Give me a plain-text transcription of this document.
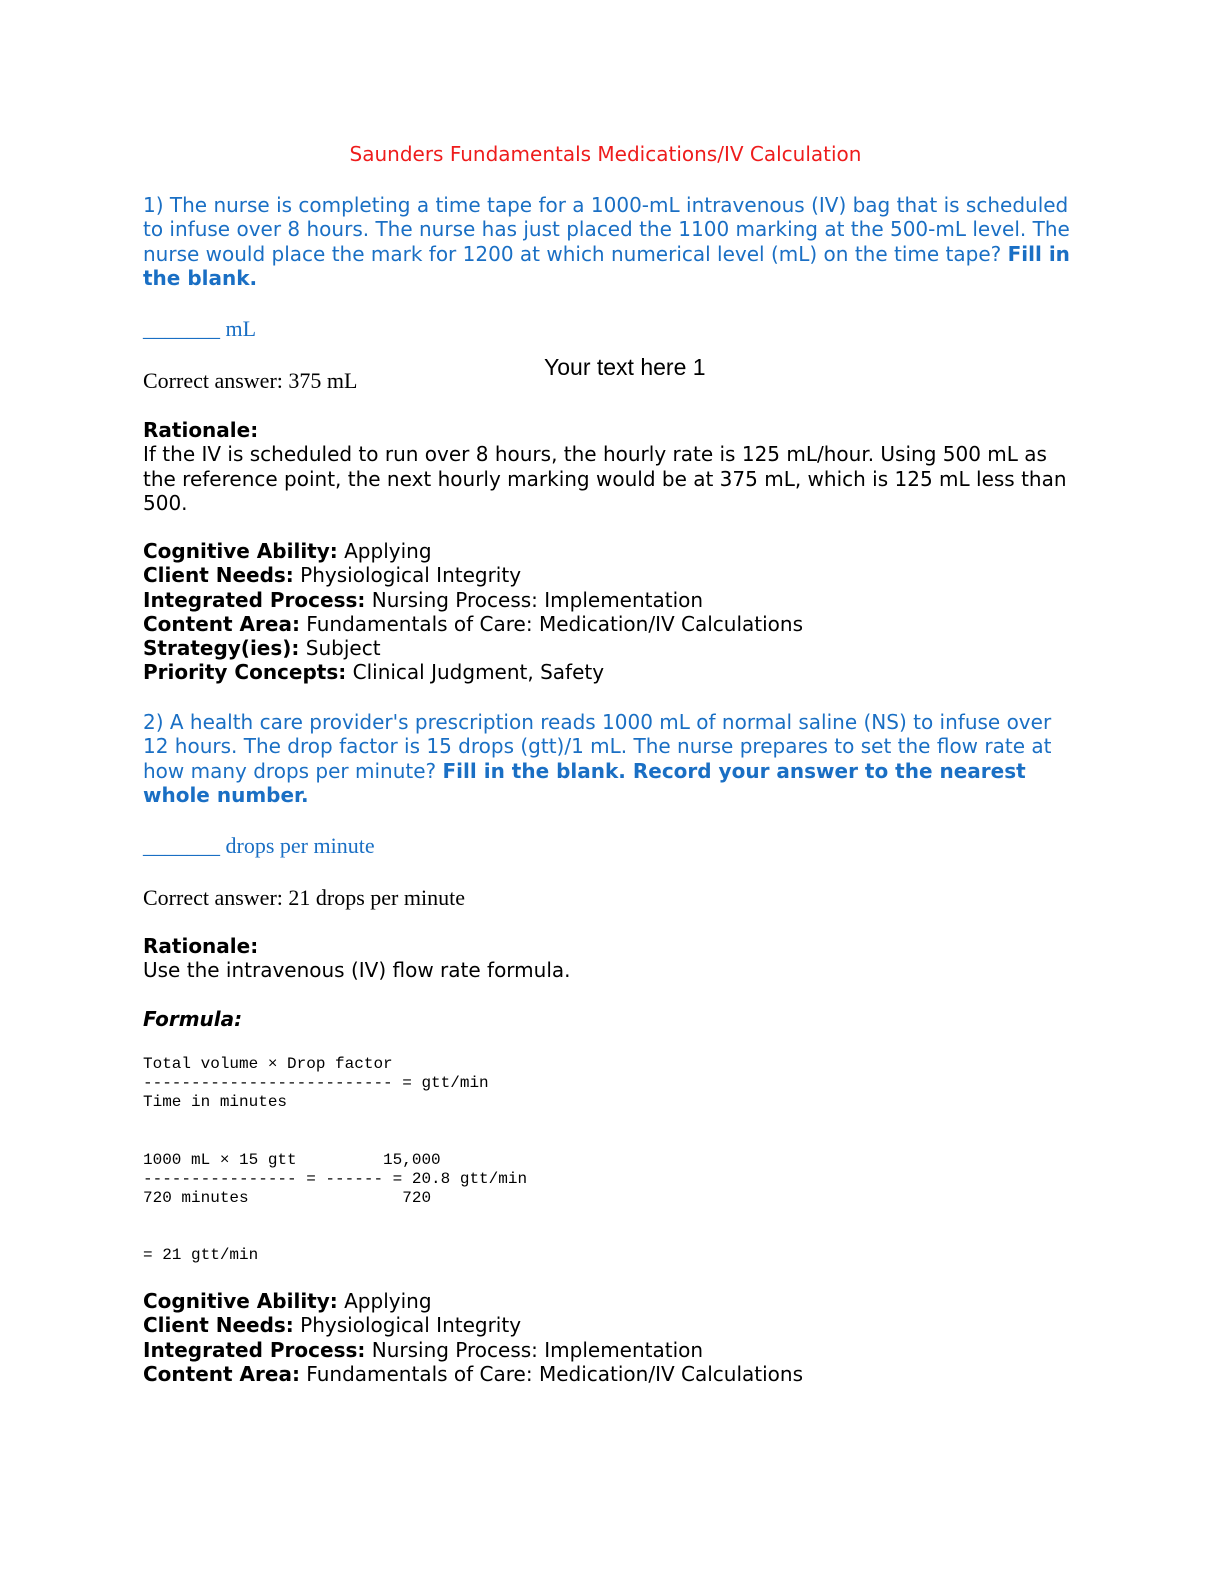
Saunders Fundamentals Medications/IV Calculation
1) The nurse is completing a time tape for a 1000-mL intravenous (IV) bag that is scheduled to infuse over 8 hours. The nurse has just placed the 1100 marking at the 500-mL level. The nurse would place the mark for 1200 at which numerical level (mL) on the time tape? Fill in the blank.
_______ mL
Your text here 1
Correct answer: 375 mL
Rationale:
If the IV is scheduled to run over 8 hours, the hourly rate is 125 mL/hour. Using 500 mL as the reference point, the next hourly marking would be at 375 mL, which is 125 mL less than 500.
Cognitive Ability: Applying
Client Needs: Physiological Integrity
Integrated Process: Nursing Process: Implementation
Content Area: Fundamentals of Care: Medication/IV Calculations
Strategy(ies): Subject
Priority Concepts: Clinical Judgment, Safety
2) A health care provider's prescription reads 1000 mL of normal saline (NS) to infuse over 12 hours. The drop factor is 15 drops (gtt)/1 mL. The nurse prepares to set the flow rate at how many drops per minute? Fill in the blank. Record your answer to the nearest whole number.
_______ drops per minute
Correct answer: 21 drops per minute
Rationale:
Use the intravenous (IV) flow rate formula.
Formula:
Total volume × Drop factor
-------------------------- = gtt/min
Time in minutes
1000 mL × 15 gtt         15,000
---------------- = ------ = 20.8 gtt/min
720 minutes                720
= 21 gtt/min
Cognitive Ability: Applying
Client Needs: Physiological Integrity
Integrated Process: Nursing Process: Implementation
Content Area: Fundamentals of Care: Medication/IV Calculations
